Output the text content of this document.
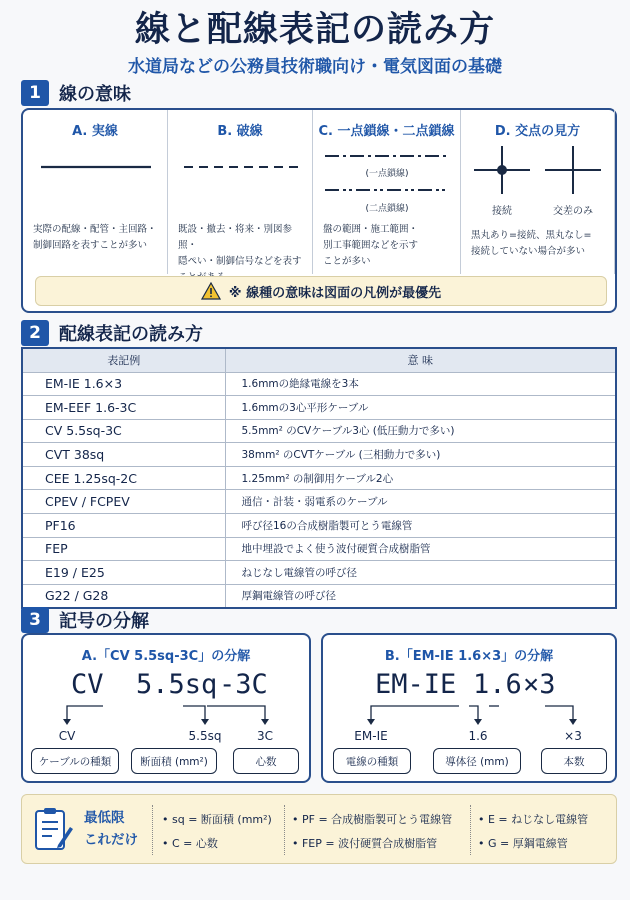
線と配線表記の読み方
水道局などの公務員技術職向け・電気図面の基礎
1	線の意味
A. 実線
実際の配線・配管・主回路・
制御回路を表すことが多い
B. 破線
既設・撤去・将来・別図参照・
隠ぺい・制御信号などを表す
C. 一点鎖線・二点鎖線
(一点鎖線)
(二点鎖線)
盤の範囲・施工範囲・
別工事範囲などを示す
ことが多い
D. 交点の見方
接続	交差のみ
黒丸あり=接続、黒丸なし=
接続していない場合が多い
※ 線種の意味は図面の凡例が最優先
2	配線表記の読み方
表記例	意 味
EM-IE 1.6×3	1.6mmの絶縁電線を3本
EM-EEF 1.6-3C	1.6mmの3心平形ケーブル
CV 5.5sq-3C	5.5mm² のCVケーブル3心 (低圧動力で多い)
CVT 38sq	38mm² のCVTケーブル (三相動力で多い)
CEE 1.25sq-2C	1.25mm² の制御用ケーブル2心
CPEV / FCPEV	通信・計装・弱電系のケーブル
PF16	呼び径16の合成樹脂製可とう電線管
FEP	地中埋設でよく使う波付硬質合成樹脂管
E19 / E25	ねじなし電線管の呼び径
G22 / G28	厚鋼電線管の呼び径
3	記号の分解
A.「CV 5.5sq-3C」の分解
CV 5.5sq -3C
CV	5.5sq	3C
ケーブルの種類	断面積 (mm²)	心数
B.「EM-IE 1.6×3」の分解
EM-IE 1.6 ×3
EM-IE	1.6	×3
電線の種類	導体径 (mm)	本数
最低限
これだけ
• sq = 断面積 (mm²)
• C = 心数
• PF = 合成樹脂製可とう電線管
• FEP = 波付硬質合成樹脂管
• E = ねじなし電線管
• G = 厚鋼電線管
